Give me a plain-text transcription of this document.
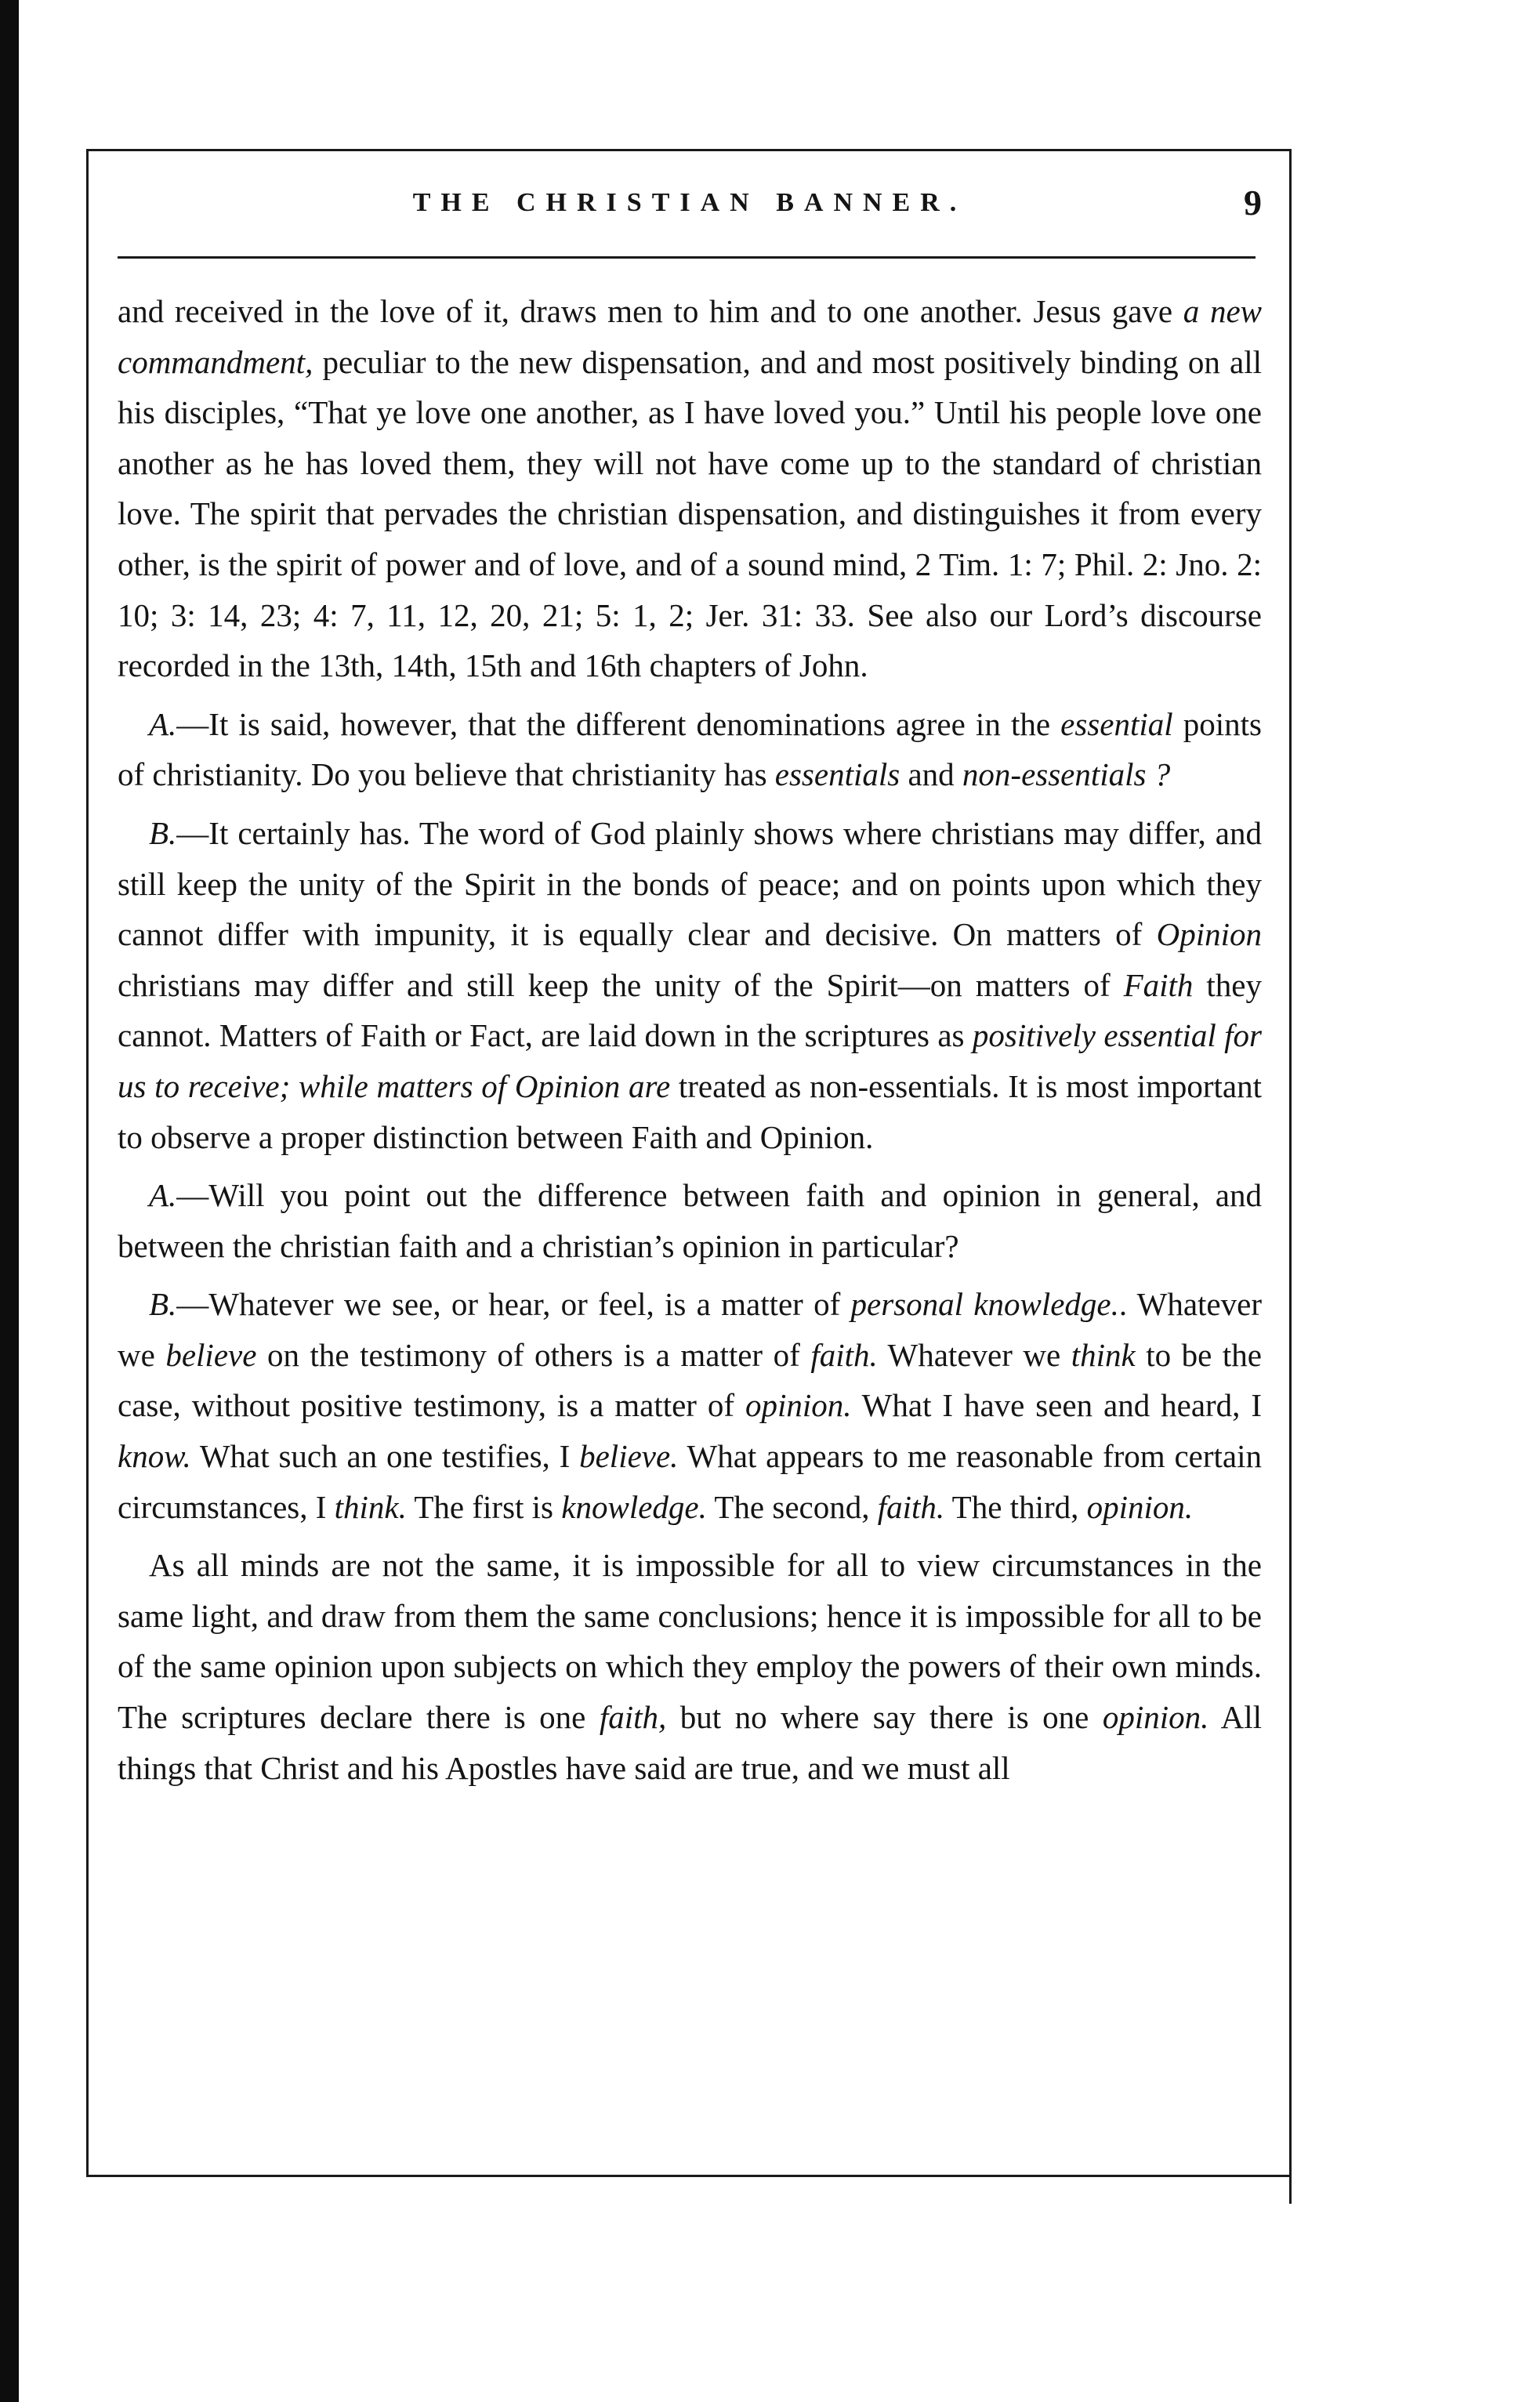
THE CHRISTIAN BANNER.	9

and received in the love of it, draws men to him and to one another. Jesus gave a new commandment, peculiar to the new dispensation, and and most positively binding on all his disciples, “That ye love one another, as I have loved you.” Until his people love one another as he has loved them, they will not have come up to the standard of christian love. The spirit that pervades the christian dispensation, and distinguishes it from every other, is the spirit of power and of love, and of a sound mind, 2 Tim. 1: 7; Phil. 2: Jno. 2: 10; 3: 14, 23; 4: 7, 11, 12, 20, 21; 5: 1, 2; Jer. 31: 33. See also our Lord’s discourse recorded in the 13th, 14th, 15th and 16th chapters of John.

A.—It is said, however, that the different denominations agree in the essential points of christianity. Do you believe that christianity has essentials and non-essentials ?

B.—It certainly has. The word of God plainly shows where christians may differ, and still keep the unity of the Spirit in the bonds of peace; and on points upon which they cannot differ with impunity, it is equally clear and decisive. On matters of Opinion christians may differ and still keep the unity of the Spirit—on matters of Faith they cannot. Matters of Faith or Fact, are laid down in the scriptures as positively essential for us to receive; while matters of Opinion are treated as non-essentials. It is most important to observe a proper distinction between Faith and Opinion.

A.—Will you point out the difference between faith and opinion in general, and between the christian faith and a christian’s opinion in particular?

B.—Whatever we see, or hear, or feel, is a matter of personal knowledge.. Whatever we believe on the testimony of others is a matter of faith. Whatever we think to be the case, without positive testimony, is a matter of opinion. What I have seen and heard, I know. What such an one testifies, I believe. What appears to me reasonable from certain circumstances, I think. The first is knowledge. The second, faith. The third, opinion.

As all minds are not the same, it is impossible for all to view circumstances in the same light, and draw from them the same conclusions; hence it is impossible for all to be of the same opinion upon subjects on which they employ the powers of their own minds. The scriptures declare there is one faith, but no where say there is one opinion. All things that Christ and his Apostles have said are true, and we must all
